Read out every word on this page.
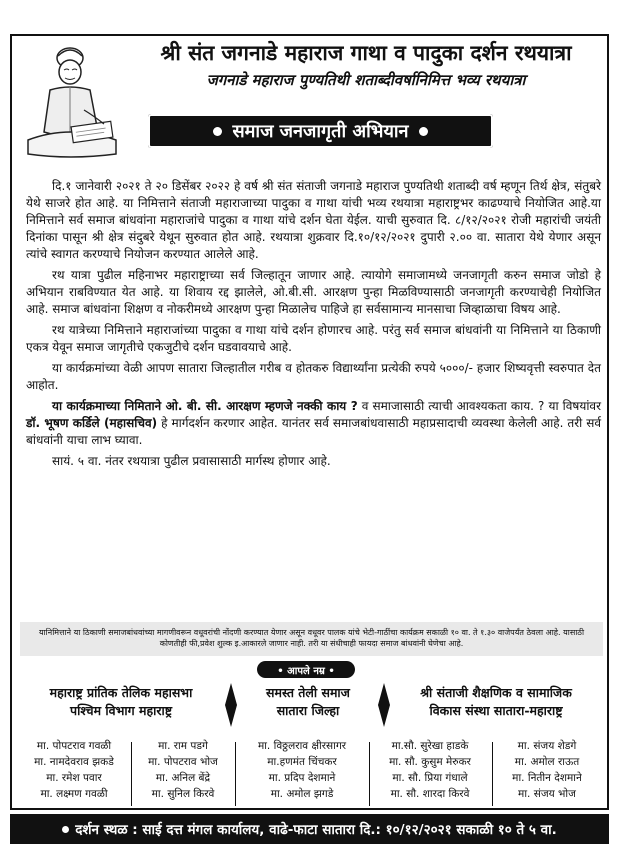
श्री संत जगनाडे महाराज गाथा व पादुका दर्शन रथयात्रा
जगनाडे महाराज पुण्यतिथी शताब्दीवर्षानिमित्त भव्य रथयात्रा
समाज जनजागृती अभियान

दि.१ जानेवारी २०२१ ते २० डिसेंबर २०२२ हे वर्ष श्री संत संताजी जगनाडे महाराज पुण्यतिथी शताब्दी वर्ष म्हणून तिर्थ क्षेत्र, संतुबरे येथे साजरे होत आहे. या निमित्ताने संताजी महाराजाच्या पादुका व गाथा यांची भव्य रथयात्रा महाराष्ट्रभर काढण्याचे नियोजित आहे.या निमित्ताने सर्व समाज बांधवांना महाराजांचे पादुका व गाथा यांचे दर्शन घेता येईल. याची सुरुवात दि. ८/१२/२०२१ रोजी महारांची जयंती दिनांका पासून श्री क्षेत्र संदुबरे येथून सुरुवात होत आहे. रथयात्रा शुक्रवार दि.१०/१२/२०२१ दुपारी २.०० वा. सातारा येथे येणार असून त्यांचे स्वागत करण्याचे नियोजन करण्यात आलेले आहे.

रथ यात्रा पुढील महिनाभर महाराष्ट्राच्या सर्व जिल्हातून जाणार आहे. त्यायोगे समाजामध्ये जनजागृती करुन समाज जोडो हे अभियान राबविण्यात येत आहे. या शिवाय रद्द झालेले, ओ.बी.सी. आरक्षण पुन्हा मिळविण्यासाठी जनजागृती करण्याचेही नियोजित आहे. समाज बांधवांना शिक्षण व नोकरीमध्ये आरक्षण पुन्हा मिळालेच पाहिजे हा सर्वसामान्य मानसाचा जिव्हाळाचा विषय आहे.

रथ यात्रेच्या निमित्ताने महाराजांच्या पादुका व गाथा यांचे दर्शन होणारच आहे. परंतु सर्व समाज बांधवांनी या निमित्ताने या ठिकाणी एकत्र येवून समाज जागृतीचे एकजुटीचे दर्शन घडवावयाचे आहे.

या कार्यक्रमांच्या वेळी आपण सातारा जिल्हातील गरीब व होतकरु विद्यार्थ्यांना प्रत्येकी रुपये ५०००/- हजार शिष्यवृत्ती स्वरुपात देत आहोत.

या कार्यक्रमाच्या निमिताने ओ. बी. सी. आरक्षण म्हणजे नक्की काय ? व समाजासाठी त्याची आवश्यकता काय. ? या विषयांवर डॉ. भूषण कर्डिले (महासचिव) हे मार्गदर्शन करणार आहेत. यानंतर सर्व समाजबांधवासाठी महाप्रसादाची व्यवस्था केलेली आहे. तरी सर्व बांधवांनी याचा लाभ घ्यावा.

सायं. ५ वा. नंतर रथयात्रा पुढील प्रवासासाठी मार्गस्थ होणार आहे.

यानिमित्ताने या ठिकाणी समाजबांधवांच्या मागणीवरून वधूवरांची नोंदणी करण्यात येणार असून वधूवर पालक यांचे भेटी-गाठींचा कार्यक्रम सकाळी १० वा. ते १.३० वाजेपर्यंत ठेवला आहे. यासाठी कोणतीही फी,प्रवेश शुल्क इ.आकारले जाणार नाही. तरी या संधीचाही फायदा समाज बांधवांनी घेणेचा आहे.
• आपले नम्र •
महाराष्ट्र प्रांतिक तेलिक महासभा
पश्चिम विभाग महाराष्ट्र
समस्त तेली समाज
सातारा जिल्हा
श्री संताजी शैक्षणिक व सामाजिक
विकास संस्था सातारा-महाराष्ट्र
मा. पोपटराव गवळी
मा. नामदेवराव झकडे
मा. रमेश पवार
मा. लक्ष्मण गवळी
मा. राम पडगे
मा. पोपटराव भोज
मा. अनिल बेंद्रे
मा. सुनिल किरवे
मा. विठ्ठलराव क्षीरसागर
मा.हणमंत चिंचकर
मा. प्रदिप देशमाने
मा. अमोल झगडे
मा.सौ. सुरेखा हाडके
मा. सौ. कुसुम मेरुकर
मा. सौ. प्रिया गंधाले
मा. सौ. शारदा किरवे
मा. संजय शेडगे
मा. अमोल राऊत
मा. नितीन देशमाने
मा. संजय भोज
दर्शन स्थळ : साई दत्त मंगल कार्यालय, वाढे-फाटा सातारा दि.: १०/१२/२०२१ सकाळी १० ते ५ वा.
